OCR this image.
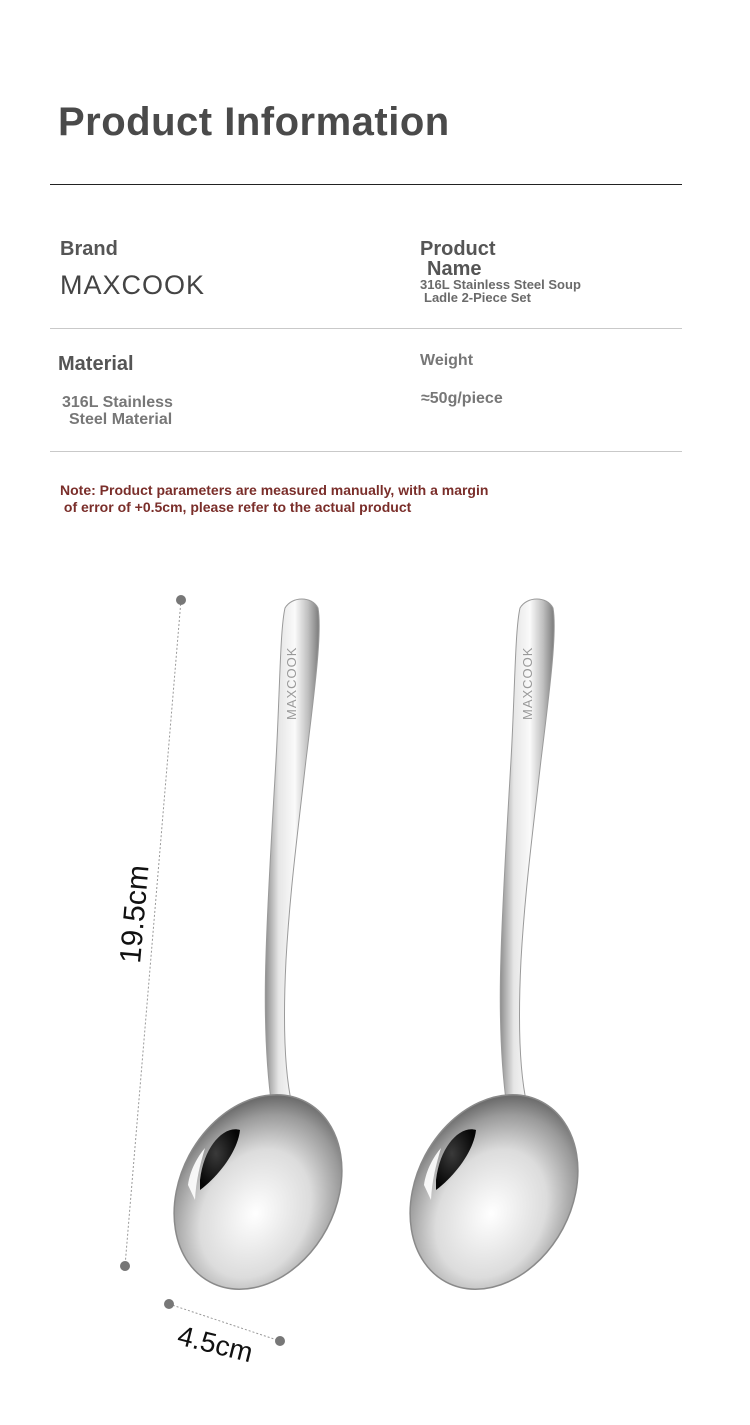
Product Information
Brand
MAXCOOK
Product
Name
316L Stainless Steel Soup
Ladle 2-Piece Set
Material
316L Stainless
Steel Material
Weight
≈50g/piece
Note: Product parameters are measured manually, with a margin
of error of +0.5cm, please refer to the actual product
MAXCOOK	MAXCOOK
19.5cm
4.5cm
